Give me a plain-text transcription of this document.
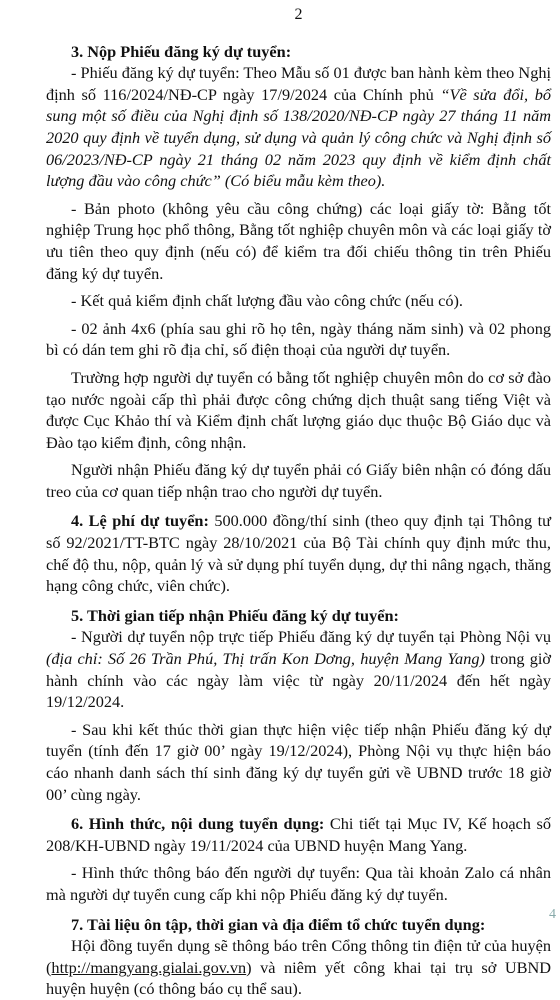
2

3. Nộp Phiếu đăng ký dự tuyển:

- Phiếu đăng ký dự tuyển: Theo Mẫu số 01 được ban hành kèm theo Nghị định số 116/2024/NĐ-CP ngày 17/9/2024 của Chính phủ “Về sửa đổi, bổ sung một số điều của Nghị định số 138/2020/NĐ-CP ngày 27 tháng 11 năm 2020 quy định về tuyển dụng, sử dụng và quản lý công chức và Nghị định số 06/2023/NĐ-CP ngày 21 tháng 02 năm 2023 quy định về kiểm định chất lượng đầu vào công chức” (Có biểu mẫu kèm theo).

- Bản photo (không yêu cầu công chứng) các loại giấy tờ: Bằng tốt nghiệp Trung học phổ thông, Bằng tốt nghiệp chuyên môn và các loại giấy tờ ưu tiên theo quy định (nếu có) để kiểm tra đối chiếu thông tin trên Phiếu đăng ký dự tuyển.

- Kết quả kiểm định chất lượng đầu vào công chức (nếu có).

- 02 ảnh 4x6 (phía sau ghi rõ họ tên, ngày tháng năm sinh) và 02 phong bì có dán tem ghi rõ địa chỉ, số điện thoại của người dự tuyển.

Trường hợp người dự tuyển có bằng tốt nghiệp chuyên môn do cơ sở đào tạo nước ngoài cấp thì phải được công chứng dịch thuật sang tiếng Việt và được Cục Khảo thí và Kiểm định chất lượng giáo dục thuộc Bộ Giáo dục và Đào tạo kiểm định, công nhận.

Người nhận Phiếu đăng ký dự tuyển phải có Giấy biên nhận có đóng dấu treo của cơ quan tiếp nhận trao cho người dự tuyển.

4. Lệ phí dự tuyển: 500.000 đồng/thí sinh (theo quy định tại Thông tư số 92/2021/TT-BTC ngày 28/10/2021 của Bộ Tài chính quy định mức thu, chế độ thu, nộp, quản lý và sử dụng phí tuyển dụng, dự thi nâng ngạch, thăng hạng công chức, viên chức).

5. Thời gian tiếp nhận Phiếu đăng ký dự tuyển:

- Người dự tuyển nộp trực tiếp Phiếu đăng ký dự tuyển tại Phòng Nội vụ (địa chỉ: Số 26 Trần Phú, Thị trấn Kon Dơng, huyện Mang Yang) trong giờ hành chính vào các ngày làm việc từ ngày 20/11/2024 đến hết ngày 19/12/2024.

- Sau khi kết thúc thời gian thực hiện việc tiếp nhận Phiếu đăng ký dự tuyển (tính đến 17 giờ 00’ ngày 19/12/2024), Phòng Nội vụ thực hiện báo cáo nhanh danh sách thí sinh đăng ký dự tuyển gửi về UBND trước 18 giờ 00’ cùng ngày.

6. Hình thức, nội dung tuyển dụng: Chi tiết tại Mục IV, Kế hoạch số 208/KH-UBND ngày 19/11/2024 của UBND huyện Mang Yang.

- Hình thức thông báo đến người dự tuyển: Qua tài khoản Zalo cá nhân mà người dự tuyển cung cấp khi nộp Phiếu đăng ký dự tuyển.

7. Tài liệu ôn tập, thời gian và địa điểm tổ chức tuyển dụng:

Hội đồng tuyển dụng sẽ thông báo trên Cổng thông tin điện tử của huyện (http://mangyang.gialai.gov.vn) và niêm yết công khai tại trụ sở UBND huyện huyện (có thông báo cụ thể sau).

4
